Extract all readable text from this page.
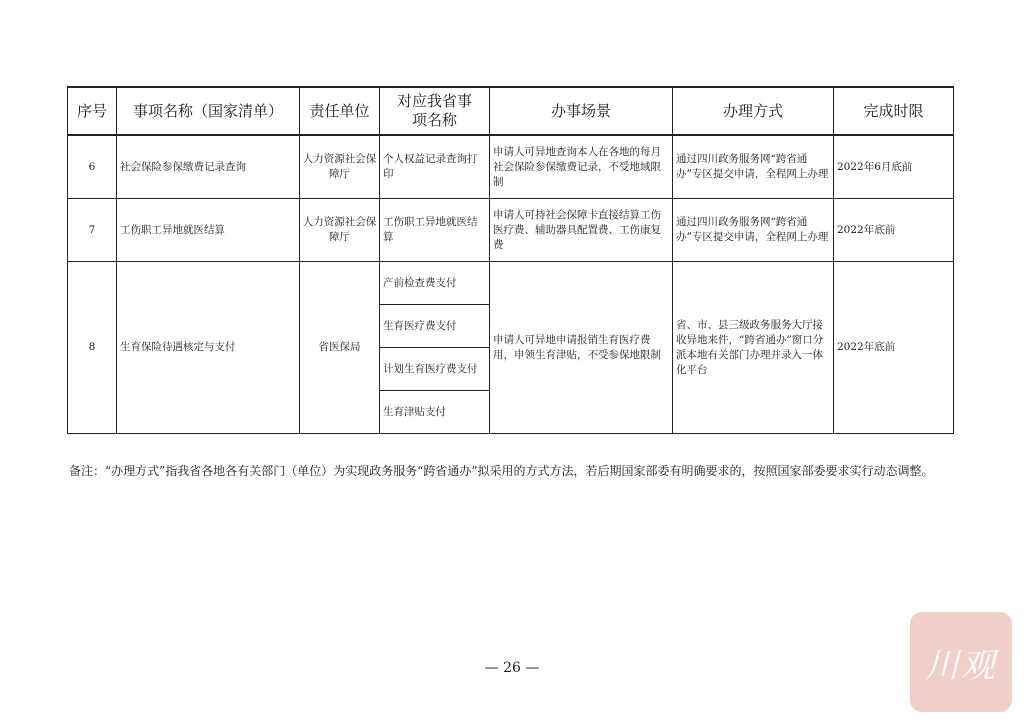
序号	事项名称（国家清单）	责任单位	对应我省事项名称	办事场景	办理方式	完成时限
6	社会保险参保缴费记录查询	人力资源社会保障厅	个人权益记录查询打印	申请人可异地查询本人在各地的每月社会保险参保缴费记录，不受地域限制	通过四川政务服务网“跨省通办”专区提交申请，全程网上办理	2022年6月底前
7	工伤职工异地就医结算	人力资源社会保障厅	工伤职工异地就医结算	申请人可持社会保障卡直接结算工伤医疗费、辅助器具配置费、工伤康复费	通过四川政务服务网“跨省通办”专区提交申请，全程网上办理	2022年底前
8	生育保险待遇核定与支付	省医保局	产前检查费支付	申请人可异地申请报销生育医疗费用，申领生育津贴，不受参保地限制	省、市、县三级政务服务大厅接收异地来件，“跨省通办”窗口分派本地有关部门办理并录入一体化平台	2022年底前
			生育医疗费支付			
			计划生育医疗费支付			
			生育津贴支付			

备注：“办理方式”指我省各地各有关部门（单位）为实现政务服务“跨省通办”拟采用的方式方法，若后期国家部委有明确要求的，按照国家部委要求实行动态调整。

— 26 —	川观
